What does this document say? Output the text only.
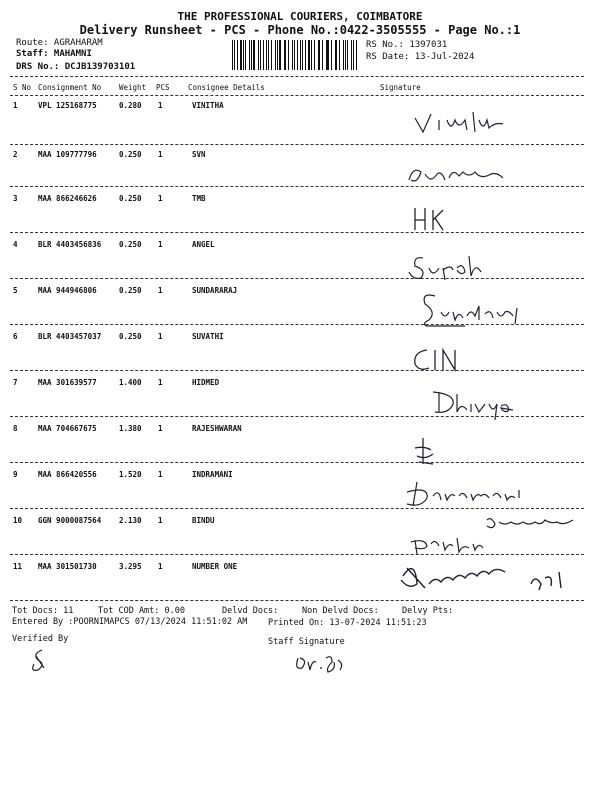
THE PROFESSIONAL COURIERS, COIMBATORE
Delivery Runsheet - PCS - Phone No.:0422-3505555 - Page No.:1
Route: AGRAHARAM
Staff: MAHAMNI
DRS No.: DCJB139703101
RS No.: 1397031
RS Date: 13-Jul-2024
S No Consignment No Weight PCS Consignee Details	Signature
1	VPL 125168775	0.280 1	VINITHA
2	MAA 109777796	0.250 1	SVN
3	MAA 866246626	0.250 1	TMB
4	BLR 4403456836 0.250 1	ANGEL
5	MAA 944946806	0.250 1	SUNDARARAJ
6	BLR 4403457037 0.250 1	SUVATHI
7	MAA 301639577	1.400 1	HIDMED
8	MAA 704667675	1.380 1	RAJESHWARAN
9	MAA 866420556	1.520 1	INDRAMANI
10 GGN 9000087564 2.130 1	BINDU
11 MAA 301501730	3.295 1	NUMBER ONE
Tot Docs: 11	Tot COD Amt: 0.00	Delvd Docs:	Non Delvd Docs:	Delvy Pts:
Entered By :POORNIMAPCS 07/13/2024 11:51:02 AM Printed On: 13-07-2024 11:51:23
Verified By	Staff Signature
